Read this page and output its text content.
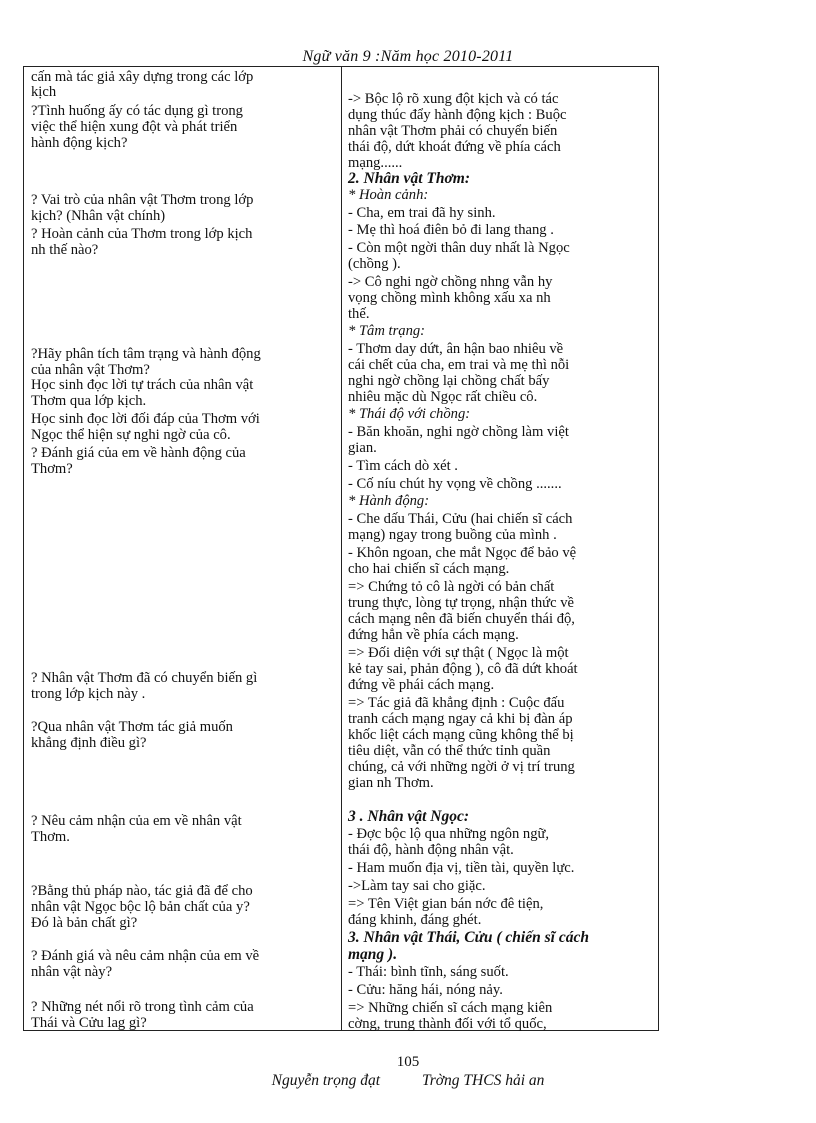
Ngữ văn 9 :Năm học 2010-2011
cấn mà tác giả xây dựng trong các lớp
kịch
?Tình huống ấy có tác dụng gì trong
việc thể hiện xung đột và phát triển
hành động kịch?
? Vai trò của nhân vật Thơm trong lớp
kịch? (Nhân vật chính)
? Hoàn cảnh của Thơm trong lớp kịch
nh thế nào?
?Hãy phân tích tâm trạng và hành động
của nhân vật Thơm?
Học sinh đọc lời tự trách của nhân vật
Thơm qua lớp kịch.
Học sinh đọc lời đối đáp của Thơm với
Ngọc thể hiện sự nghi ngờ của cô.
? Đánh giá của em về hành động của
Thơm?
? Nhân vật Thơm đã có chuyển biến gì
trong lớp kịch này .
?Qua nhân vật Thơm tác giả muốn
khẳng định điều gì?
? Nêu cảm nhận của em về nhân vật
Thơm.
?Bằng thủ pháp nào, tác giả đã để cho
nhân vật Ngọc bộc lộ bản chất của y?
Đó là bản chất gì?
? Đánh giá và nêu cảm nhận của em về
nhân vật này?
? Những nét nổi rõ trong tình cảm của
Thái và Cửu lag gì?
-> Bộc lộ rõ xung đột kịch và có tác
dụng thúc đẩy hành động kịch : Buộc
nhân vật Thơm phải có chuyển biến
thái độ, dứt khoát đứng về phía cách
mạng......
2. Nhân vật Thơm:
* Hoàn cảnh:
- Cha, em trai đã hy sinh.
- Mẹ thì hoá điên bỏ đi lang thang .
- Còn một ngời thân duy nhất là Ngọc
(chồng ).
-> Cô nghi ngờ chồng nhng vẫn hy
vọng chồng mình không xấu xa nh
thế.
* Tâm trạng:
- Thơm day dứt, ân hận bao nhiêu về
cái chết của cha, em trai và mẹ thì nỗi
nghi ngờ chồng lại chồng chất bấy
nhiêu mặc dù Ngọc rất chiều cô.
* Thái độ với chồng:
- Băn khoăn, nghi ngờ chồng làm việt
gian.
- Tìm cách dò xét .
- Cố níu chút hy vọng về chồng .......
* Hành động:
- Che dấu Thái, Cửu (hai chiến sĩ cách
mạng) ngay trong buồng của mình .
- Khôn ngoan, che mắt Ngọc để bảo vệ
cho hai chiến sĩ cách mạng.
=> Chứng tỏ cô là ngời có bản chất
trung thực, lòng tự trọng, nhận thức về
cách mạng nên đã biến chuyển thái độ,
đứng hẳn về phía cách mạng.
=> Đối diện với sự thật ( Ngọc là một
kẻ tay sai, phản động ), cô đã dứt khoát
đứng về phái cách mạng.
=> Tác giả đã khẳng định : Cuộc đấu
tranh cách mạng ngay cả khi bị đàn áp
khốc liệt cách mạng cũng không thể bị
tiêu diệt, vẫn có thể thức tỉnh quần
chúng, cả với những ngời ở vị trí trung
gian nh Thơm.
3 . Nhân vật Ngọc:
- Đợc bộc lộ qua những ngôn ngữ,
thái độ, hành động nhân vật.
- Ham muốn địa vị, tiền tài, quyền lực.
->Làm tay sai cho giặc.
=> Tên Việt gian bán nớc đê tiện,
đáng khinh, đáng ghét.
3. Nhân vật Thái, Cửu ( chiến sĩ cách
mạng ).
- Thái: bình tĩnh, sáng suốt.
- Cửu: hăng hái, nóng nảy.
=> Những chiến sĩ cách mạng kiên
cờng, trung thành đối với tổ quốc,
105
Nguyễn trọng đạt	Trờng THCS hải an
